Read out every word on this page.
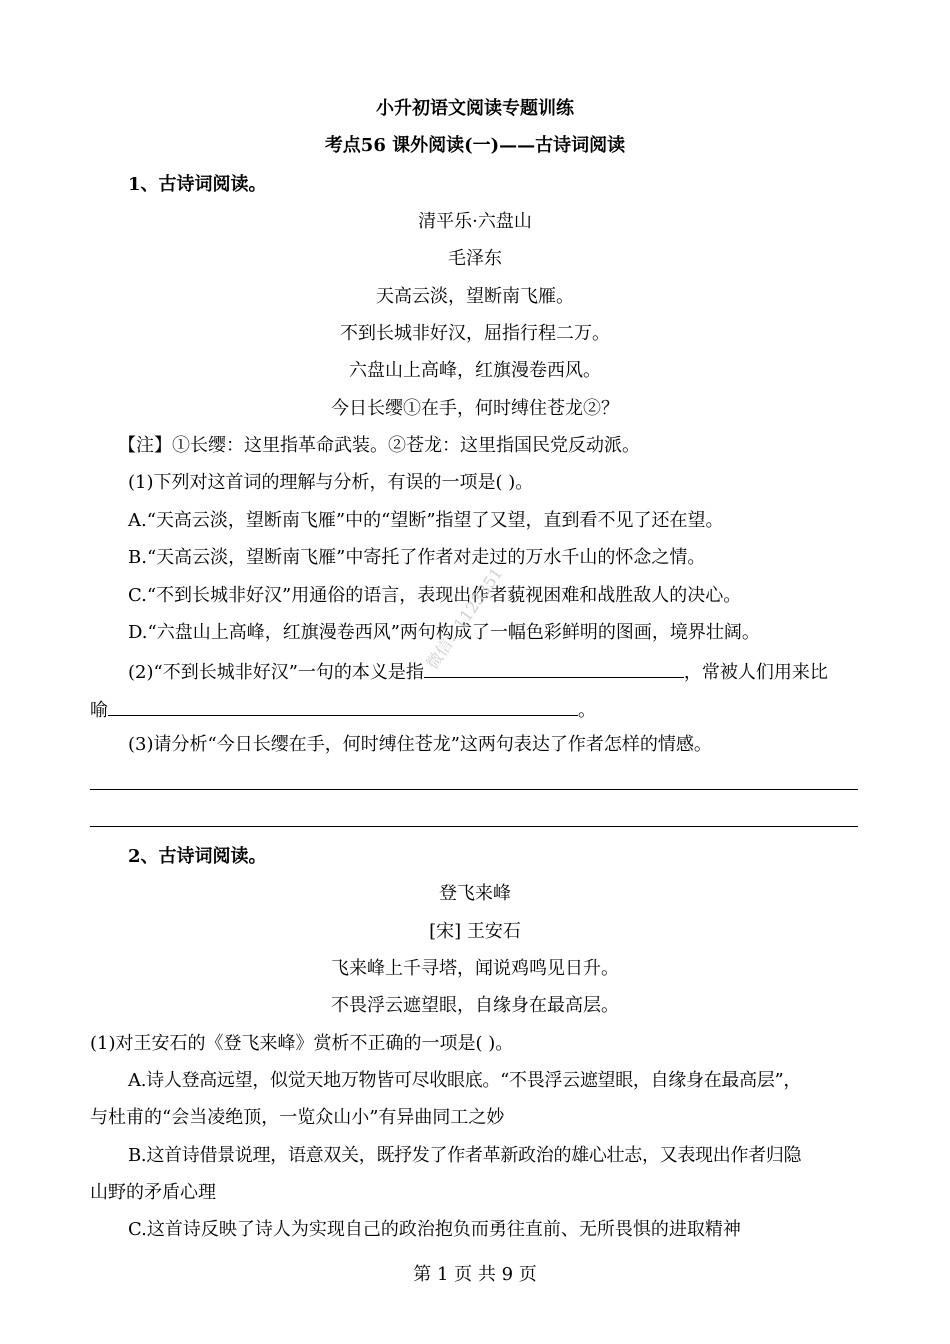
小升初语文阅读专题训练
考点56 课外阅读(一)——古诗词阅读
1、古诗词阅读。
清平乐·六盘山
毛泽东
天高云淡，望断南飞雁。
不到长城非好汉，屈指行程二万。
六盘山上高峰，红旗漫卷西风。
今日长缨①在手，何时缚住苍龙②？
【注】①长缨：这里指革命武装。②苍龙：这里指国民党反动派。
(1)下列对这首词的理解与分析，有误的一项是( )。
A.“天高云淡，望断南飞雁”中的“望断”指望了又望，直到看不见了还在望。
B.“天高云淡，望断南飞雁”中寄托了作者对走过的万水千山的怀念之情。
C.“不到长城非好汉”用通俗的语言，表现出作者藐视困难和战胜敌人的决心。
D.“六盘山上高峰，红旗漫卷西风”两句构成了一幅色彩鲜明的图画，境界壮阔。
(2)“不到长城非好汉”一句的本义是指	，常被人们用来比
喻	。
(3)请分析“今日长缨在手，何时缚住苍龙”这两句表达了作者怎样的情感。
2、古诗词阅读。
登飞来峰
[宋] 王安石
飞来峰上千寻塔，闻说鸡鸣见日升。
不畏浮云遮望眼，自缘身在最高层。
(1)对王安石的《登飞来峰》赏析不正确的一项是( )。
A.诗人登高远望，似觉天地万物皆可尽收眼底。“不畏浮云遮望眼，自缘身在最高层”，
与杜甫的“会当凌绝顶，一览众山小”有异曲同工之妙
B.这首诗借景说理，语意双关，既抒发了作者革新政治的雄心壮志，又表现出作者归隐
山野的矛盾心理
C.这首诗反映了诗人为实现自己的政治抱负而勇往直前、无所畏惧的进取精神
第 1 页 共 9 页
微信：1123351
